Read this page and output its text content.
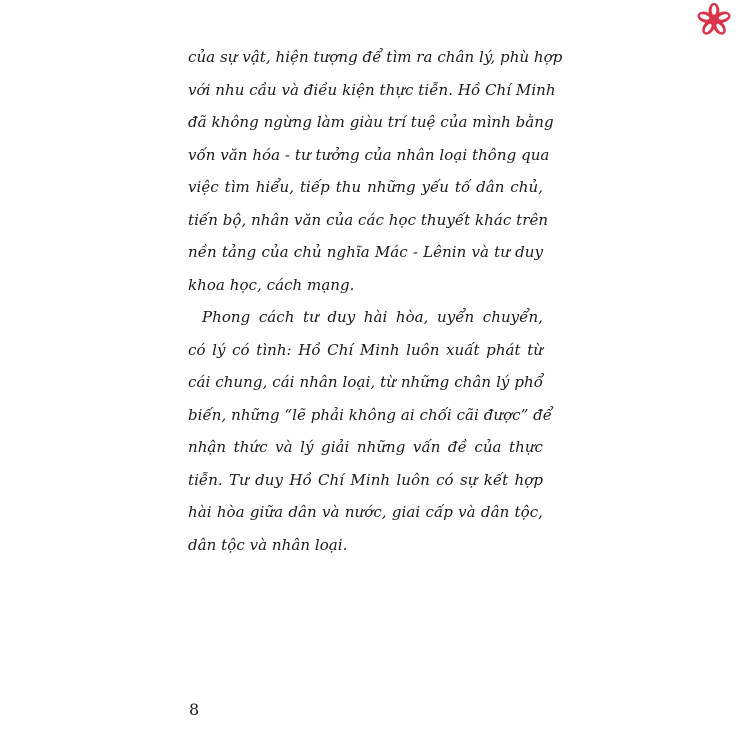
của sự vật, hiện tượng để tìm ra chân lý, phù hợp
với nhu cầu và điều kiện thực tiễn. Hồ Chí Minh
đã không ngừng làm giàu trí tuệ của mình bằng
vốn văn hóa - tư tưởng của nhân loại thông qua
việc tìm hiểu, tiếp thu những yếu tố dân chủ,
tiến bộ, nhân văn của các học thuyết khác trên
nền tảng của chủ nghĩa Mác - Lênin và tư duy
khoa học, cách mạng.
Phong cách tư duy hài hòa, uyển chuyển,
có lý có tình: Hồ Chí Minh luôn xuất phát từ
cái chung, cái nhân loại, từ những chân lý phổ
biến, những “lẽ phải không ai chối cãi được” để
nhận thức và lý giải những vấn đề của thực
tiễn. Tư duy Hồ Chí Minh luôn có sự kết hợp
hài hòa giữa dân và nước, giai cấp và dân tộc,
dân tộc và nhân loại.
8
